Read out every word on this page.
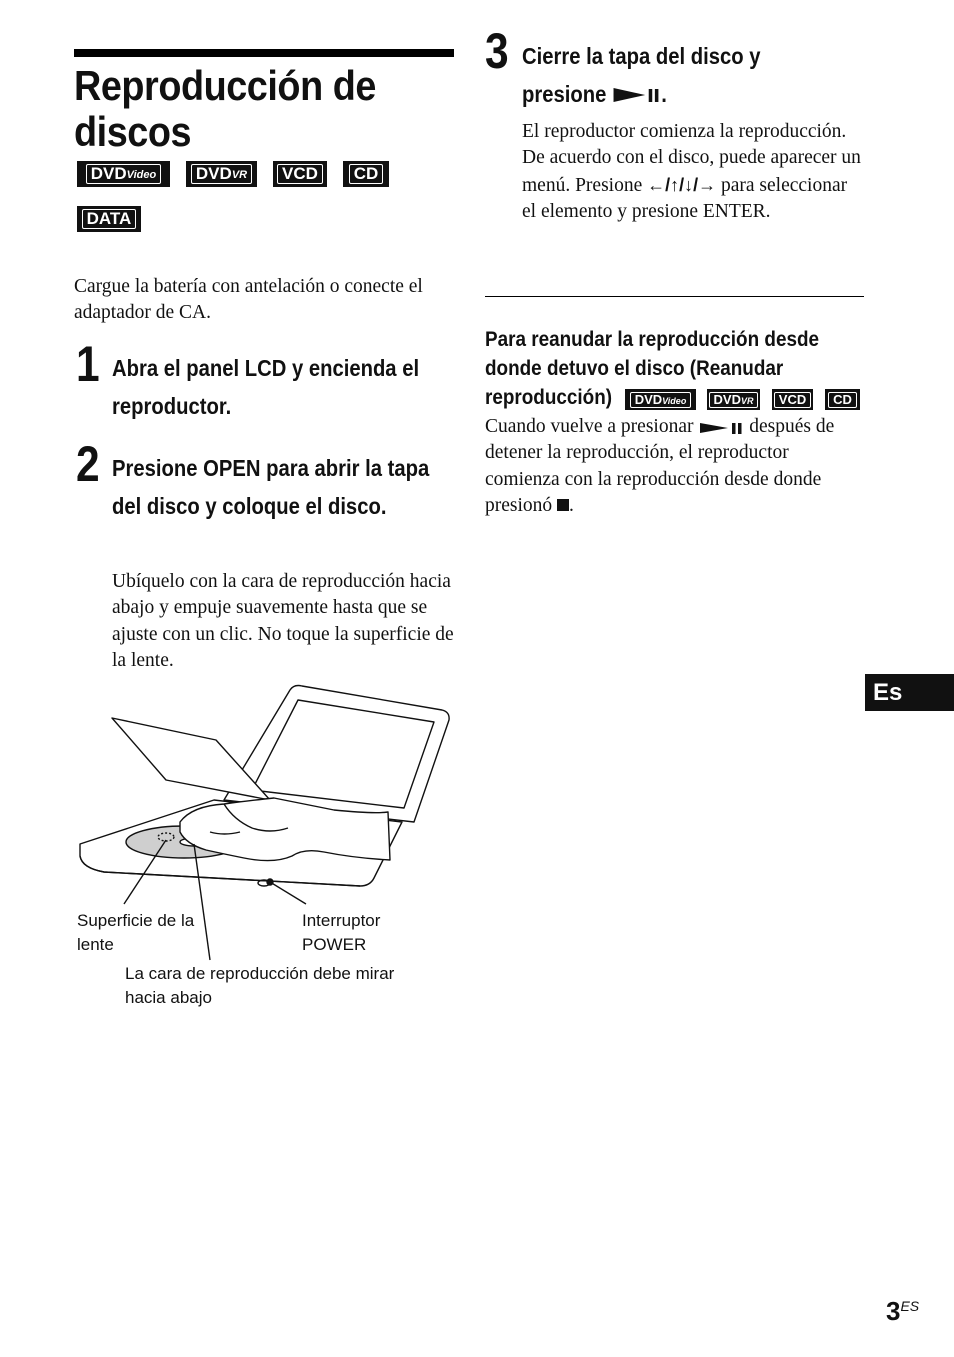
Reproducción de discos
DVD Video DVD VR VCD CD
DATA
Cargue la batería con antelación o conecte el adaptador de CA.
1 Abra el panel LCD y encienda el reproductor.
2 Presione OPEN para abrir la tapa del disco y coloque el disco.
Ubíquelo con la cara de reproducción hacia abajo y empuje suavemente hasta que se ajuste con un clic. No toque la superficie de la lente.
Superficie de la lente
Interruptor POWER
La cara de reproducción debe mirar hacia abajo
3 Cierre la tapa del disco y presione .
El reproductor comienza la reproducción.
De acuerdo con el disco, puede aparecer un menú. Presione ←/↑/↓/→ para seleccionar el elemento y presione ENTER.
Para reanudar la reproducción desde donde detuvo el disco (Reanudar reproducción)	DVD Video DVD VR	VCD	CD
Cuando vuelve a presionar	después de detener la reproducción, el reproductor comienza con la reproducción desde donde presionó .
Es
$3^{ES}$
